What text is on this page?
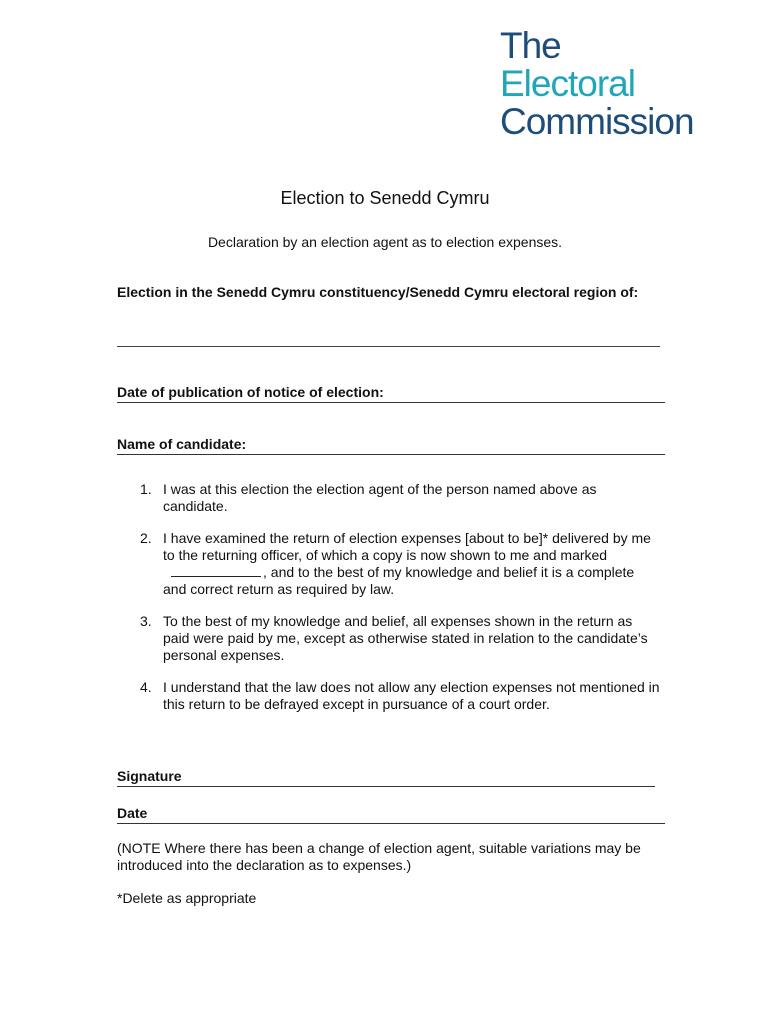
The
Electoral
Commission
Election to Senedd Cymru
Declaration by an election agent as to election expenses.
Election in the Senedd Cymru constituency/Senedd Cymru electoral region of:
Date of publication of notice of election:
Name of candidate:
1. I was at this election the election agent of the person named above as candidate.
2. I have examined the return of election expenses [about to be]* delivered by me to the returning officer, of which a copy is now shown to me and marked, and to the best of my knowledge and belief it is a complete and correct return as required by law.
3. To the best of my knowledge and belief, all expenses shown in the return as paid were paid by me, except as otherwise stated in relation to the candidate’s personal expenses.
4. I understand that the law does not allow any election expenses not mentioned in this return to be defrayed except in pursuance of a court order.
Signature
Date
(NOTE Where there has been a change of election agent, suitable variations may be introduced into the declaration as to expenses.)
*Delete as appropriate
